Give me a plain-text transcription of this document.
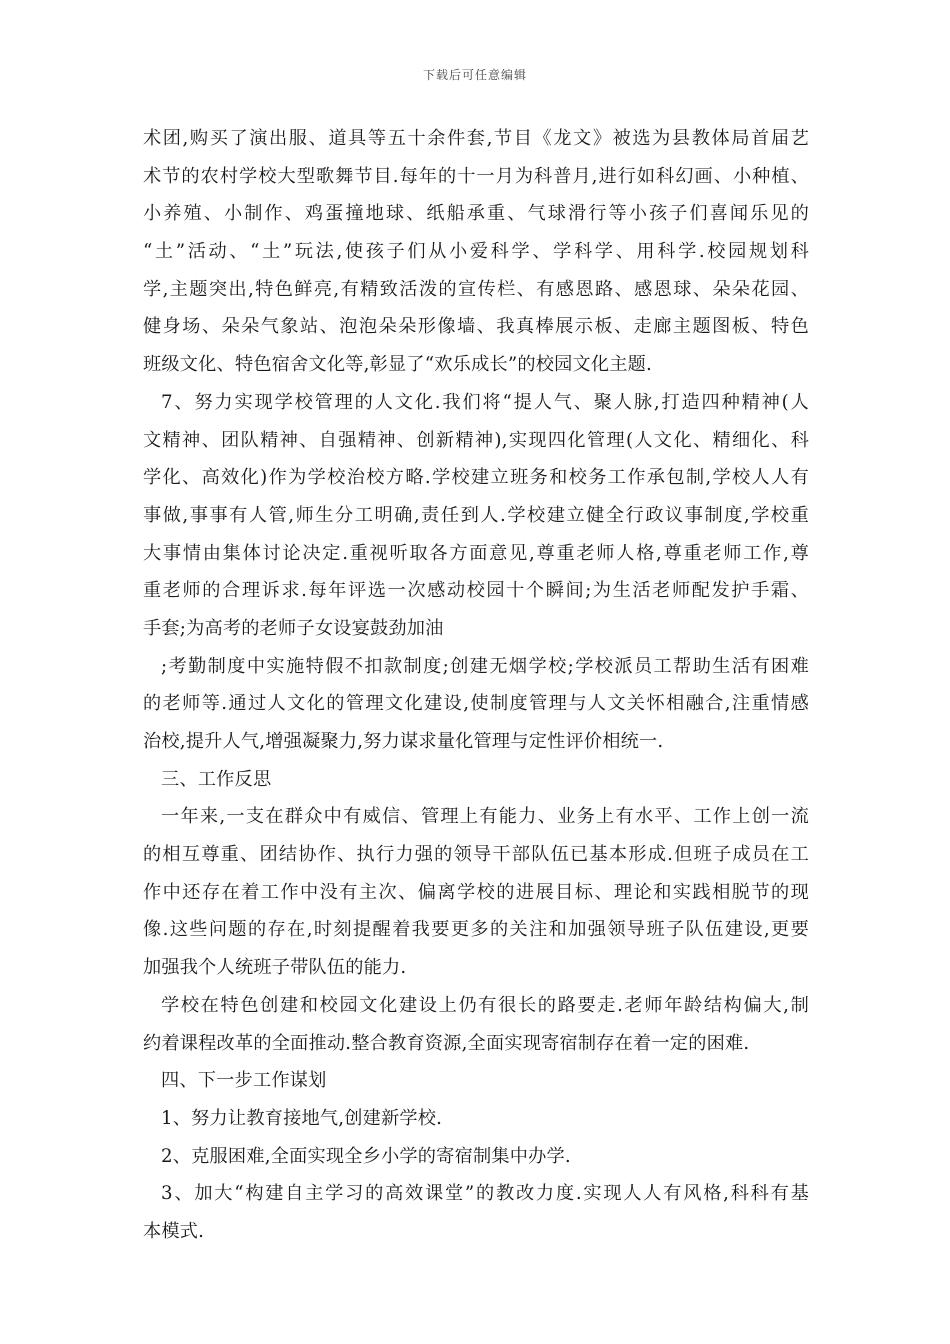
下载后可任意编辑
术团,购买了演出服、道具等五十余件套,节目《龙文》被选为县教体局首届艺
术节的农村学校大型歌舞节目.每年的十一月为科普月,进行如科幻画、小种植、
小养殖、小制作、鸡蛋撞地球、纸船承重、气球滑行等小孩子们喜闻乐见的
“土”活动、“土”玩法,使孩子们从小爱科学、学科学、用科学.校园规划科
学,主题突出,特色鲜亮,有精致活泼的宣传栏、有感恩路、感恩球、朵朵花园、
健身场、朵朵气象站、泡泡朵朵形像墙、我真棒展示板、走廊主题图板、特色
班级文化、特色宿舍文化等,彰显了“欢乐成长”的校园文化主题.
7、努力实现学校管理的人文化.我们将“提人气、聚人脉,打造四种精神(人
文精神、团队精神、自强精神、创新精神),实现四化管理(人文化、精细化、科
学化、高效化)作为学校治校方略.学校建立班务和校务工作承包制,学校人人有
事做,事事有人管,师生分工明确,责任到人.学校建立健全行政议事制度,学校重
大事情由集体讨论决定.重视听取各方面意见,尊重老师人格,尊重老师工作,尊
重老师的合理诉求.每年评选一次感动校园十个瞬间;为生活老师配发护手霜、
手套;为高考的老师子女设宴鼓劲加油
;考勤制度中实施特假不扣款制度;创建无烟学校;学校派员工帮助生活有困难
的老师等.通过人文化的管理文化建设,使制度管理与人文关怀相融合,注重情感
治校,提升人气,增强凝聚力,努力谋求量化管理与定性评价相统一.
三、工作反思
一年来,一支在群众中有威信、管理上有能力、业务上有水平、工作上创一流
的相互尊重、团结协作、执行力强的领导干部队伍已基本形成.但班子成员在工
作中还存在着工作中没有主次、偏离学校的进展目标、理论和实践相脱节的现
像.这些问题的存在,时刻提醒着我要更多的关注和加强领导班子队伍建设,更要
加强我个人统班子带队伍的能力.
学校在特色创建和校园文化建设上仍有很长的路要走.老师年龄结构偏大,制
约着课程改革的全面推动.整合教育资源,全面实现寄宿制存在着一定的困难.
四、下一步工作谋划
1、努力让教育接地气,创建新学校.
2、克服困难,全面实现全乡小学的寄宿制集中办学.
3、加大“构建自主学习的高效课堂”的教改力度.实现人人有风格,科科有基
本模式.
